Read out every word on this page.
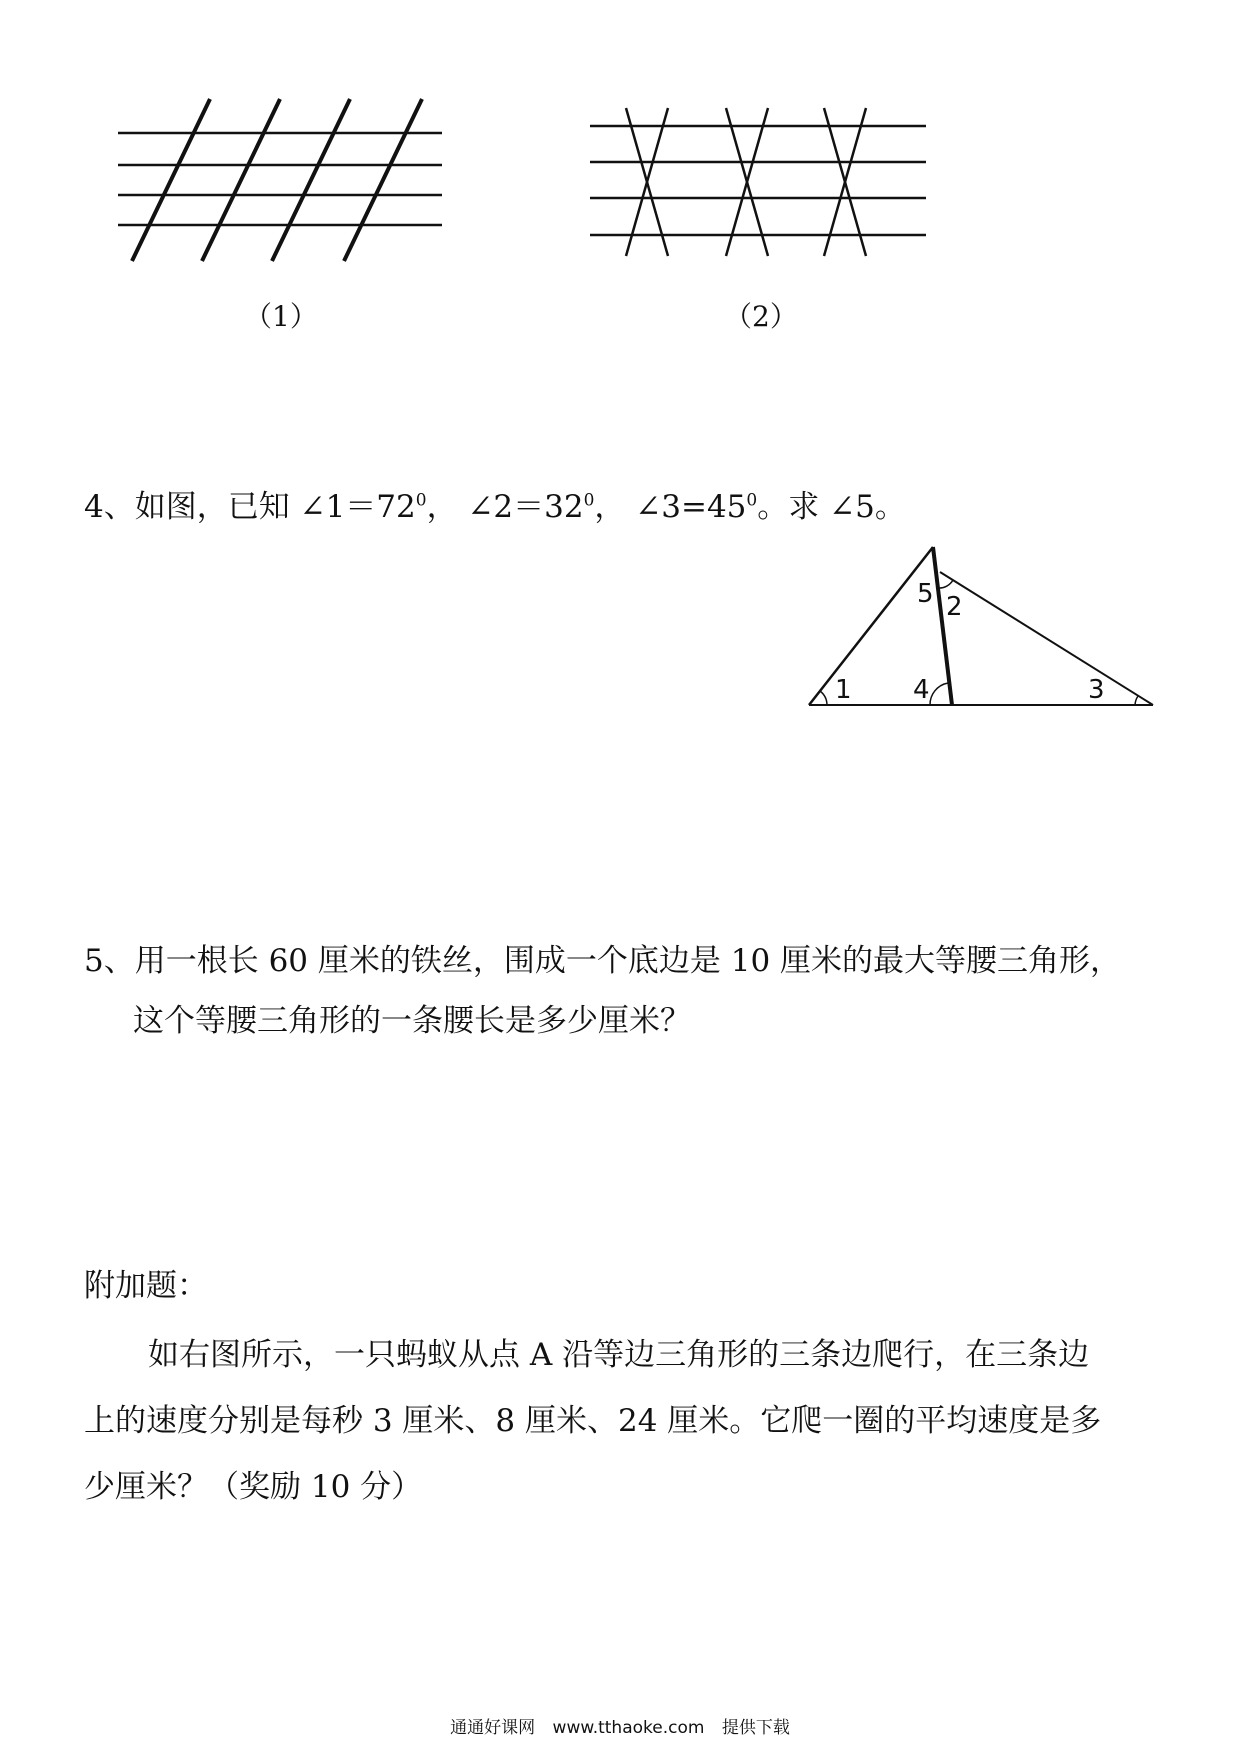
（1）	（2）
4、如图，已知 $\angle 1=72^0$， $\angle 2=32^0$， $\angle 3=45^0$。求 ∠5。
1 4	3
5 2
5、用一根长 60 厘米的铁丝，围成一个底边是 10 厘米的最大等腰三角形，
这个等腰三角形的一条腰长是多少厘米？
附加题：
如右图所示，一只蚂蚁从点 A 沿等边三角形的三条边爬行，在三条边
上的速度分别是每秒 3 厘米、8 厘米、24 厘米。它爬一圈的平均速度是多
少厘米？（奖励 10 分）
通通好课网 www.tthaoke.com 提供下载
